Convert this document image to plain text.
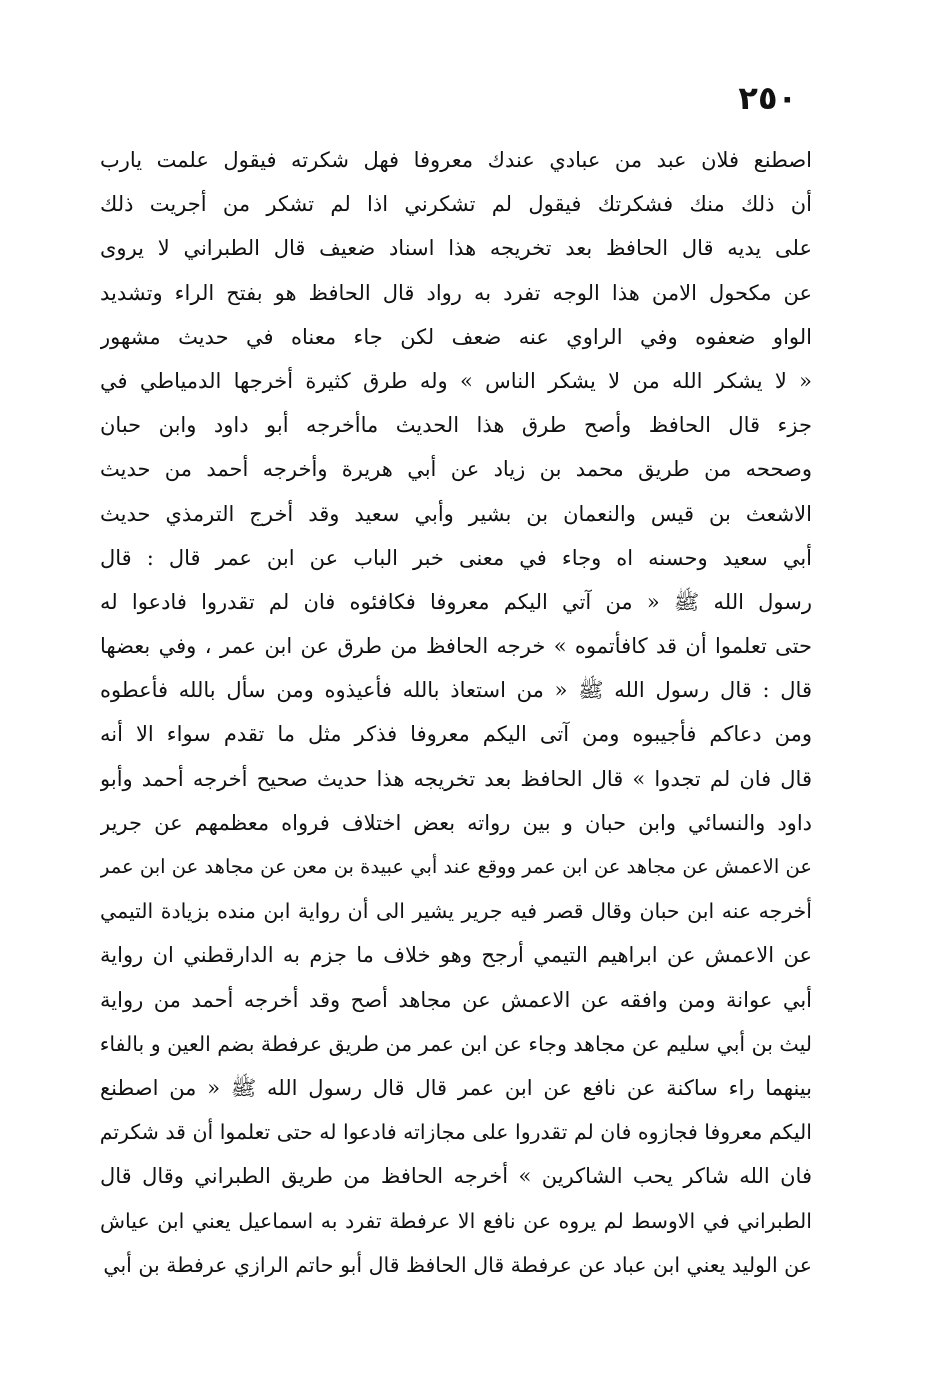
٢٥٠
اصطنع فلان عبد من عبادي عندك معروفا فهل شكرته فيقول علمت يارب
أن ذلك منك فشكرتك فيقول لم تشكرني اذا لم تشكر من أجريت ذلك
على يديه قال الحافظ بعد تخريجه هذا اسناد ضعيف قال الطبراني لا يروى
عن مكحول الامن هذا الوجه تفرد به رواد قال الحافظ هو بفتح الراء وتشديد
الواو ضعفوه وفي الراوي عنه ضعف لكن جاء معناه في حديث مشهور
« لا يشكر الله من لا يشكر الناس » وله طرق كثيرة أخرجها الدمياطي في
جزء قال الحافظ وأصح طرق هذا الحديث ماأخرجه أبو داود وابن حبان
وصححه من طريق محمد بن زياد عن أبي هريرة وأخرجه أحمد من حديث
الاشعث بن قيس والنعمان بن بشير وأبي سعيد وقد أخرج الترمذي حديث
أبي سعيد وحسنه اه وجاء في معنى خبر الباب عن ابن عمر قال : قال
رسول الله ﷺ « من آتي اليكم معروفا فكافئوه فان لم تقدروا فادعوا له
حتى تعلموا أن قد كافأتموه » خرجه الحافظ من طرق عن ابن عمر ، وفي بعضها
قال : قال رسول الله ﷺ « من استعاذ بالله فأعيذوه ومن سأل بالله فأعطوه
ومن دعاكم فأجيبوه ومن آتى اليكم معروفا فذكر مثل ما تقدم سواء الا أنه
قال فان لم تجدوا » قال الحافظ بعد تخريجه هذا حديث صحيح أخرجه أحمد وأبو
داود والنسائي وابن حبان و بين رواته بعض اختلاف فرواه معظمهم عن جرير
عن الاعمش عن مجاهد عن ابن عمر ووقع عند أبي عبيدة بن معن عن مجاهد عن ابن عمر
أخرجه عنه ابن حبان وقال قصر فيه جرير يشير الى أن رواية ابن منده بزيادة التيمي
عن الاعمش عن ابراهيم التيمي أرجح وهو خلاف ما جزم به الدارقطني ان رواية
أبي عوانة ومن وافقه عن الاعمش عن مجاهد أصح وقد أخرجه أحمد من رواية
ليث بن أبي سليم عن مجاهد وجاء عن ابن عمر من طريق عرفطة بضم العين و بالفاء
بينهما راء ساكنة عن نافع عن ابن عمر قال قال رسول الله ﷺ « من اصطنع
اليكم معروفا فجازوه فان لم تقدروا على مجازاته فادعوا له حتى تعلموا أن قد شكرتم
فان الله شاكر يحب الشاكرين » أخرجه الحافظ من طريق الطبراني وقال قال
الطبراني في الاوسط لم يروه عن نافع الا عرفطة تفرد به اسماعيل يعني ابن عياش
عن الوليد يعني ابن عباد عن عرفطة قال الحافظ قال أبو حاتم الرازي عرفطة بن أبي
